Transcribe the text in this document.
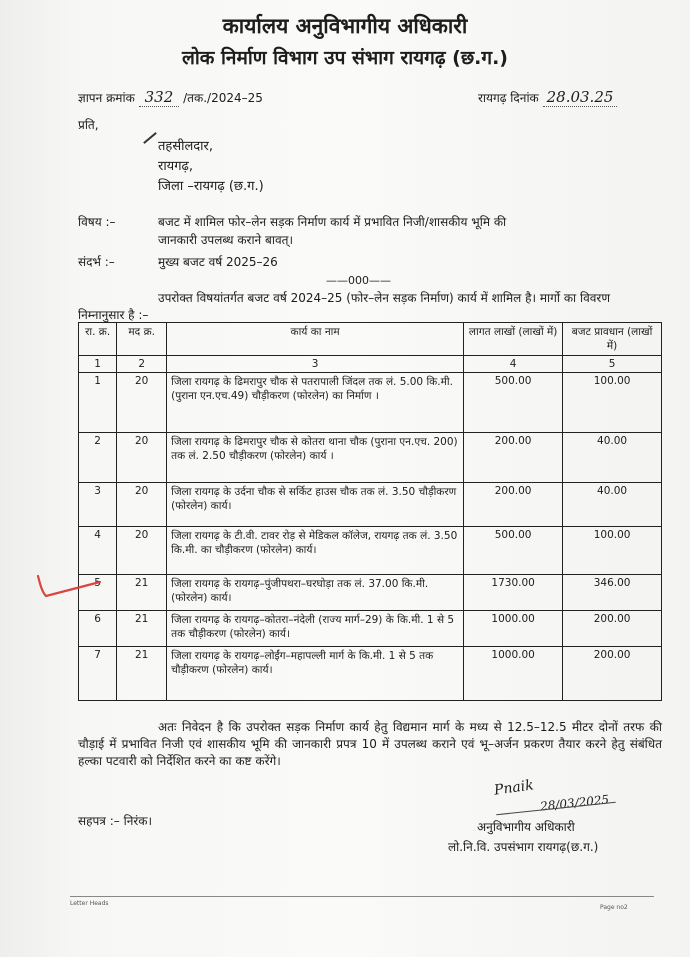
कार्यालय अनुविभागीय अधिकारी
लोक निर्माण विभाग उप संभाग रायगढ़ (छ.ग.)
ज्ञापन क्रमांक 332 /तक./2024–25	रायगढ़ दिनांक 28.03.25
प्रति,
तहसीलदार,
रायगढ़,
जिला –रायगढ़ (छ.ग.)
विषय :–	बजट में शामिल फोर–लेन सड़क निर्माण कार्य में प्रभावित निजी/शासकीय भूमि की
जानकारी उपलब्ध कराने बावत्।
संदर्भ :–	मुख्य बजट वर्ष 2025–26
——000——
उपरोक्त विषयांतर्गत बजट वर्ष 2024–25 (फोर–लेन सड़क निर्माण) कार्य में शामिल है। मार्गो का विवरण निम्नानुसार है :–
रा. क्र.	मद क्र.	कार्य का नाम	लागत लाखों (लाखों में)	बजट प्रावधान (लाखों में)
1	2	3	4	5
1	20	जिला रायगढ़ के ढिमरापुर चौक से पतरापाली जिंदल तक लं. 5.00 कि.मी. (पुराना एन.एच.49) चौड़ीकरण (फोरलेन) का निर्माण ।	500.00	100.00
2	20	जिला रायगढ़ के ढिमरापुर चौक से कोतरा थाना चौक (पुराना एन.एच. 200) तक लं. 2.50 चौड़ीकरण (फोरलेन) कार्य ।	200.00	40.00
3	20	जिला रायगढ़ के उर्दना चौक से सर्किट हाउस चौक तक लं. 3.50 चौड़ीकरण (फोरलेन) कार्य।	200.00	40.00
4	20	जिला रायगढ़ के टी.वी. टावर रोड़ से मेडिकल कॉलेज, रायगढ़ तक लं. 3.50 कि.मी. का चौड़ीकरण (फोरलेन) कार्य।	500.00	100.00
5	21	जिला रायगढ़ के रायगढ़–पुंजीपथरा–घरघोड़ा तक लं. 37.00 कि.मी. (फोरलेन) कार्य।	1730.00	346.00
6	21	जिला रायगढ़ के रायगढ़–कोतरा–नंदेली (राज्य मार्ग–29) के कि.मी. 1 से 5 तक चौड़ीकरण (फोरलेन) कार्य।	1000.00	200.00
7	21	जिला रायगढ़ के रायगढ़–लोईंग–महापल्ली मार्ग के कि.मी. 1 से 5 तक चौड़ीकरण (फोरलेन) कार्य।	1000.00	200.00
अतः निवेदन है कि उपरोक्त सड़क निर्माण कार्य हेतु विद्यमान मार्ग के मध्य से 12.5–12.5 मीटर दोनों तरफ की चौड़ाई में प्रभावित निजी एवं शासकीय भूमि की जानकारी प्रपत्र 10 में उपलब्ध कराने एवं भू–अर्जन प्रकरण तैयार करने हेतु संबंधित हल्का पटवारी को निर्देशित करने का कष्ट करेंगे।
सहपत्र :– निरंक।
Pnaik
28/03/2025
अनुविभागीय अधिकारी
लो.नि.वि. उपसंभाग रायगढ़(छ.ग.)
Letter Heads
Page no2
